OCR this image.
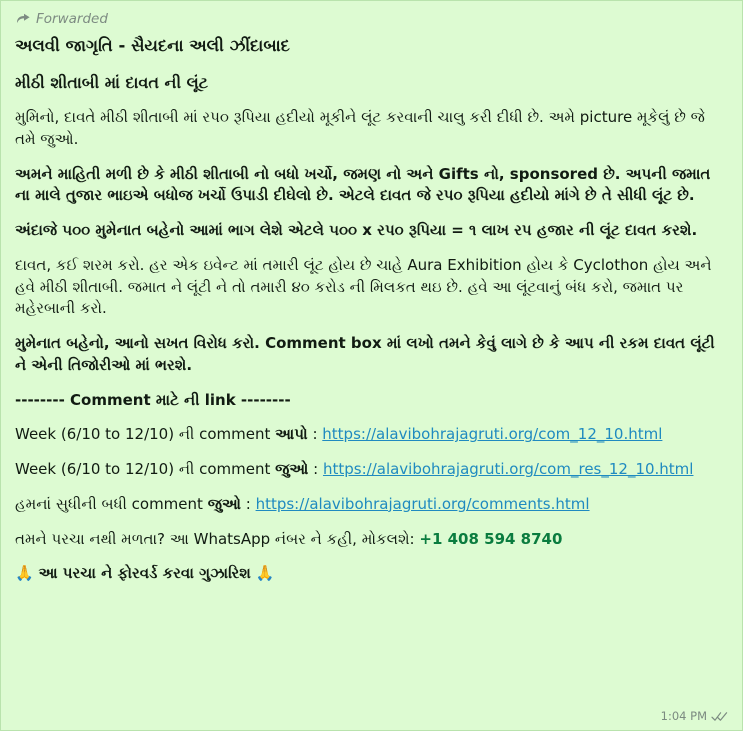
Forwarded

અલવી જાગૃતિ - સૈયદના અલી ઝીંદાબાદ

મીઠી શીતાબી માં દાવત ની લૂંટ

મુમિનો, દાવતે મીઠી શીતાબી માં રપ૦ રૂપિયા હદીયો મૂકીને લૂંટ કરવાની ચાલુ કરી દીધી છે. અમે picture મૂકેલું છે જે તમે જુઓ.

અમને માહિતી મળી છે કે મીઠી શીતાબી નો બધો ખર્ચો, જમણ નો અને Gifts નો, sponsored છે. અપની જમાત ના માલે તુજાર ભાઇએ બધોજ ખર્ચો ઉપાડી દીઘેલો છે. એટલે દાવત જે રપ૦ રૂપિયા હદીયો માંગે છે તે સીધી લૂંટ છે.

અંદાજે ૫૦૦ મુમેનાત બહેનો આમાં ભાગ લેશે એટલે ૫૦૦ x રપ૦ રૂપિયા = ૧ લાખ રપ હજાર ની લૂંટ દાવત કરશે.

દાવત, કઈ શરમ કરો. હર એક ઇવેન્ટ માં તમારી લૂંટ હોય છે ચાહે Aura Exhibition હોય કે Cyclothon હોય અને હવે મીઠી શીતાબી. જમાત ને લૂંટી ને તો તમારી ૪૦ કરોડ ની મિલકત થઇ છે. હવે આ લૂંટવાનું બંધ કરો, જમાત પર મહેરબાની કરો.

મુમેનાત બહેનો, આનો સખત વિરોધ કરો. Comment box માં લખો તમને કેવું લાગે છે કે આપ ની રકમ દાવત લૂંટી ને એની તિજોરીઓ માં ભરશે.

-------- Comment માટે ની link --------

Week (6/10 to 12/10) ની comment આપો : https://alavibohrajagruti.org/com_12_10.html

Week (6/10 to 12/10) ની comment જુઓ : https://alavibohrajagruti.org/com_res_12_10.html

હમનાં સુધીની બધી comment જુઓ : https://alavibohrajagruti.org/comments.html

તમને પરચા નથી મળતા? આ WhatsApp નંબર ને કહી, મોકલશે: +1 408 594 8740

🙏 આ પરચા ને ફોરવર્ડ કરવા ગુઝારિશ 🙏

1:04 PM
